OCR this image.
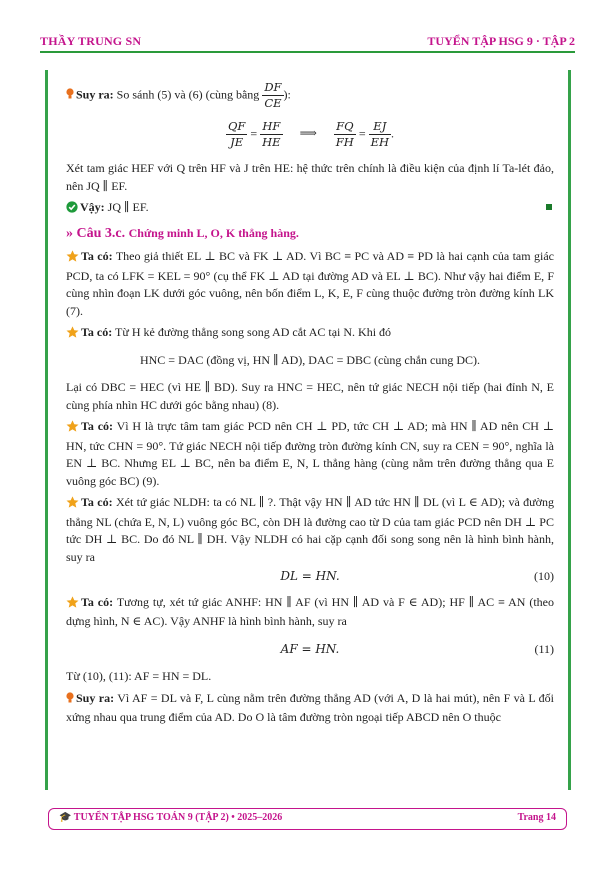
THẦY TRUNG SN	TUYỂN TẬP HSG 9 · TẬP 2

Suy ra: So sánh (5) và (6) (cùng bằng $\frac{DF}{CE}$ ):

$\frac{QF}{JE} = \frac{HF}{HE}$ ⟹ $\frac{FQ}{FH} = \frac{EJ}{EH}$ .

Xét tam giác HEF với Q trên HF và J trên HE: hệ thức trên chính là điều kiện của định lí Ta-lét đảo, nên JQ ∥ EF.

Vậy: JQ ∥ EF.

» Câu 3.c. Chứng minh L, O, K thẳng hàng.

Ta có: Theo giả thiết EL ⊥ BC và FK ⊥ AD. Vì BC ≡ PC và AD ≡ PD là hai cạnh của tam giác PCD, ta có LFK = KEL = 90° (cụ thể FK ⊥ AD tại đường AD và EL ⊥ BC). Như vậy hai điểm E, F cùng nhìn đoạn LK dưới góc vuông, nên bốn điểm L, K, E, F cùng thuộc đường tròn đường kính LK (7).

Ta có: Từ H kẻ đường thẳng song song AD cắt AC tại N. Khi đó

HNC = DAC (đồng vị, HN ∥ AD), DAC = DBC (cùng chắn cung DC).

Lại có DBC = HEC (vì HE ∥ BD). Suy ra HNC = HEC, nên tứ giác NECH nội tiếp (hai đỉnh N, E cùng phía nhìn HC dưới góc bằng nhau) (8).

Ta có: Vì H là trực tâm tam giác PCD nên CH ⊥ PD, tức CH ⊥ AD; mà HN ∥ AD nên CH ⊥ HN, tức CHN = 90°. Tứ giác NECH nội tiếp đường tròn đường kính CN, suy ra CEN = 90°, nghĩa là EN ⊥ BC. Nhưng EL ⊥ BC, nên ba điểm E, N, L thẳng hàng (cùng nằm trên đường thẳng qua E vuông góc BC) (9).

Ta có: Xét tứ giác NLDH: ta có NL ∥ ?. Thật vậy HN ∥ AD tức HN ∥ DL (vì L ∈ AD); và đường thẳng NL (chứa E, N, L) vuông góc BC, còn DH là đường cao từ D của tam giác PCD nên DH ⊥ PC tức DH ⊥ BC. Do đó NL ∥ DH. Vậy NLDH có hai cặp cạnh đối song song nên là hình bình hành, suy ra

DL = HN.	(10)

Ta có: Tương tự, xét tứ giác ANHF: HN ∥ AF (vì HN ∥ AD và F ∈ AD); HF ∥ AC ≡ AN (theo dựng hình, N ∈ AC). Vậy ANHF là hình bình hành, suy ra

AF = HN.	(11)

Từ (10), (11): AF = HN = DL.

Suy ra: Vì AF = DL và F, L cùng nằm trên đường thẳng AD (với A, D là hai mút), nên F và L đối xứng nhau qua trung điểm của AD. Do O là tâm đường tròn ngoại tiếp ABCD nên O thuộc

🎓 TUYỂN TẬP HSG TOÁN 9 (TẬP 2) • 2025–2026	Trang 14
